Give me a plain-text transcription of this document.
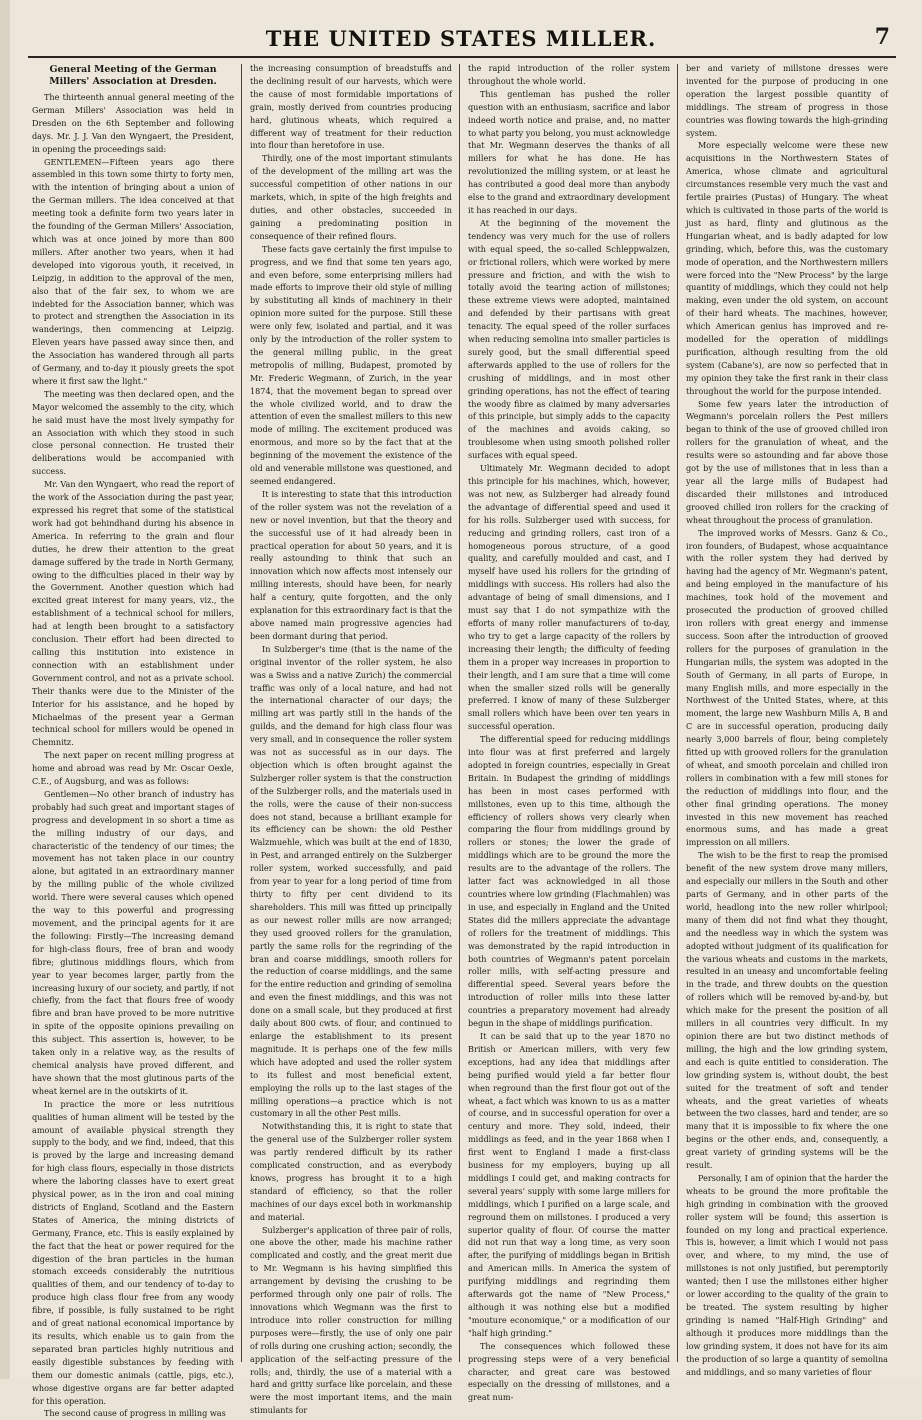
THE UNITED STATES MILLER.	7
General Meeting of the German Millers' Association at Dresden.

The thirteenth annual general meeting of the German Millers' Association was held in Dresden on the 6th September and following days. Mr. J. J. Van den Wyngaert, the President, in opening the proceedings said:

GENTLEMEN—Fifteen years ago there assembled in this town some thirty to forty men, with the intention of bringing about a union of the German millers. The idea conceived at that meeting took a definite form two years later in the founding of the German Millers' Association, which was at once joined by more than 800 millers. After another two years, when it had developed into vigorous youth, it received, in Leipzig, in addition to the approval of the men, also that of the fair sex, to whom we are indebted for the Association banner, which was to protect and strengthen the Association in its wanderings, then commencing at Leipzig. Eleven years have passed away since then, and the Association has wandered through all parts of Germany, and to-day it piously greets the spot where it first saw the light."

The meeting was then declared open, and the Mayor welcomed the assembly to the city, which he said must have the most lively sympathy for an Association with which they stood in such close personal connection. He trusted their deliberations would be accompanied with success.

Mr. Van den Wyngaert, who read the report of the work of the Association during the past year, expressed his regret that some of the statistical work had got behindhand during his absence in America. In referring to the grain and flour duties, he drew their attention to the great damage suffered by the trade in North Germany, owing to the difficulties placed in their way by the Government. Another question which had excited great interest for many years, viz., the establishment of a technical school for millers, had at length been brought to a satisfactory conclusion. Their effort had been directed to calling this institution into existence in connection with an establishment under Government control, and not as a private school. Their thanks were due to the Minister of the Interior for his assistance, and he hoped by Michaelmas of the present year a German technical school for millers would be opened in Chemnitz.

The next paper on recent milling progress at home and abroad was read by Mr. Oscar Oexle, C.E., of Augsburg, and was as follows:

Gentlemen—No other branch of industry has probably had such great and important stages of progress and development in so short a time as the milling industry of our days, and characteristic of the tendency of our times; the movement has not taken place in our country alone, but agitated in an extraordinary manner by the milling public of the whole civilized world. There were several causes which opened the way to this powerful and progressing movement, and the principal agents for it are the following: Firstly—The increasing demand for high-class flours, free of bran and woody fibre; glutinous middlings flours, which from year to year becomes larger, partly from the increasing luxury of our society, and partly, if not chiefly, from the fact that flours free of woody fibre and bran have proved to be more nutritive in spite of the opposite opinions prevailing on this subject. This assertion is, however, to be taken only in a relative way, as the results of chemical analysis have proved different, and have shown that the most glutinous parts of the wheat kernel are in the outskirts of it.

In practice the more or less nutritious qualities of human aliment will be tested by the amount of available physical strength they supply to the body, and we find, indeed, that this is proved by the large and increasing demand for high class flours, especially in those districts where the laboring classes have to exert great physical power, as in the iron and coal mining districts of England, Scotland and the Eastern States of America, the mining districts of Germany, France, etc. This is easily explained by the fact that the heat or power required for the digestion of the bran particles in the human stomach exceeds considerably the nutritious qualities of them, and our tendency of to-day to produce high class flour free from any woody fibre, if possible, is fully sustained to be right and of great national economical importance by its results, which enable us to gain from the separated bran particles highly nutritious and easily digestible substances by feeding with them our domestic animals (cattle, pigs, etc.), whose digestive organs are far better adapted for this operation.

The second cause of progress in milling was

the increasing consumption of breadstuffs and the declining result of our harvests, which were the cause of most formidable importations of grain, mostly derived from countries producing hard, glutinous wheats, which required a different way of treatment for their reduction into flour than heretofore in use.

Thirdly, one of the most important stimulants of the development of the milling art was the successful competition of other nations in our markets, which, in spite of the high freights and duties, and other obstacles, succeeded in gaining a predominating position in consequence of their refined flours.

These facts gave certainly the first impulse to progress, and we find that some ten years ago, and even before, some enterprising millers had made efforts to improve their old style of milling by substituting all kinds of machinery in their opinion more suited for the purpose. Still these were only few, isolated and partial, and it was only by the introduction of the roller system to the general milling public, in the great metropolis of milling, Budapest, promoted by Mr. Frederic Wegmann, of Zurich, in the year 1874, that the movement began to spread over the whole civilized world, and to draw the attention of even the smallest millers to this new mode of milling. The excitement produced was enormous, and more so by the fact that at the beginning of the movement the existence of the old and venerable millstone was questioned, and seemed endangered.

It is interesting to state that this introduction of the roller system was not the revelation of a new or novel invention, but that the theory and the successful use of it had already been in practical operation for about 50 years, and it is really astounding to think that such an innovation which now affects most intensely our milling interests, should have been, for nearly half a century, quite forgotten, and the only explanation for this extraordinary fact is that the above named main progressive agencies had been dormant during that period.

In Sulzberger's time (that is the name of the original inventor of the roller system, he also was a Swiss and a native Zurich) the commercial traffic was only of a local nature, and had not the international character of our days; the milling art was partly still in the hands of the guilds, and the demand for high class flour was very small, and in consequence the roller system was not as successful as in our days. The objection which is often brought against the Sulzberger roller system is that the construction of the Sulzberger rolls, and the materials used in the rolls, were the cause of their non-success does not stand, because a brilliant example for its efficiency can be shown: the old Pesther Walzmuehle, which was built at the end of 1830, in Pest, and arranged entirely on the Sulzberger roller system, worked successfully, and paid from year to year for a long period of time from thirty to fifty per cent dividend to its shareholders. This mill was fitted up principally as our newest roller mills are now arranged; they used grooved rollers for the granulation, partly the same rolls for the regrinding of the bran and coarse middlings, smooth rollers for the reduction of coarse middlings, and the same for the entire reduction and grinding of semolina and even the finest middlings, and this was not done on a small scale, but they produced at first daily about 800 cwts. of flour, and continued to enlarge the establishment to its present magnitude. It is perhaps one of the few mills which have adopted and used the roller system to its fullest and most beneficial extent, employing the rolls up to the last stages of the milling operations—a practice which is not customary in all the other Pest mills.

Notwithstanding this, it is right to state that the general use of the Sulzberger roller system was partly rendered difficult by its rather complicated construction, and as everybody knows, progress has brought it to a high standard of efficiency, so that the roller machines of our days excel both in workmanship and material.

Sulzberger's application of three pair of rolls, one above the other, made his machine rather complicated and costly, and the great merit due to Mr. Wegmann is his having simplified this arrangement by devising the crushing to be performed through only one pair of rolls. The innovations which Wegmann was the first to introduce into roller construction for milling purposes were—firstly, the use of only one pair of rolls during one crushing action; secondly, the application of the self-acting pressure of the rolls; and, thirdly, the use of a material with a hard and gritty surface like porcelain, and these were the most important items, and the main stimulants for

the rapid introduction of the roller system throughout the whole world.

This gentleman has pushed the roller question with an enthusiasm, sacrifice and labor indeed worth notice and praise, and, no matter to what party you belong, you must acknowledge that Mr. Wegmann deserves the thanks of all millers for what he has done. He has revolutionized the milling system, or at least he has contributed a good deal more than anybody else to the grand and extraordinary development it has reached in our days.

At the beginning of the movement the tendency was very much for the use of rollers with equal speed, the so-called Schleppwalzen, or frictional rollers, which were worked by mere pressure and friction, and with the wish to totally avoid the tearing action of millstones; these extreme views were adopted, maintained and defended by their partisans with great tenacity. The equal speed of the roller surfaces when reducing semolina into smaller particles is surely good, but the small differential speed afterwards applied to the use of rollers for the crushing of middlings, and in most other grinding operations, has not the effect of tearing the woody fibre as claimed by many adversaries of this principle, but simply adds to the capacity of the machines and avoids caking, so troublesome when using smooth polished roller surfaces with equal speed.

Ultimately Mr. Wegmann decided to adopt this principle for his machines, which, however, was not new, as Sulzberger had already found the advantage of differential speed and used it for his rolls. Sulzberger used with success, for reducing and grinding rollers, cast iron of a homogeneous porous structure, of a good quality, and carefully moulded and cast, and I myself have used his rollers for the grinding of middlings with success. His rollers had also the advantage of being of small dimensions, and I must say that I do not sympathize with the efforts of many roller manufacturers of to-day, who try to get a large capacity of the rollers by increasing their length; the difficulty of feeding them in a proper way increases in proportion to their length, and I am sure that a time will come when the smaller sized rolls will be generally preferred. I know of many of these Sulzberger small rollers which have been over ten years in successful operation.

The differential speed for reducing middlings into flour was at first preferred and largely adopted in foreign countries, especially in Great Britain. In Budapest the grinding of middlings has been in most cases performed with millstones, even up to this time, although the efficiency of rollers shows very clearly when comparing the flour from middlings ground by rollers or stones; the lower the grade of middlings which are to be ground the more the results are to the advantage of the rollers. The latter fact was acknowledged in all those countries where low grinding (Flachmahlen) was in use, and especially in England and the United States did the millers appreciate the advantage of rollers for the treatment of middlings. This was demonstrated by the rapid introduction in both countries of Wegmann's patent porcelain roller mills, with self-acting pressure and differential speed. Several years before the introduction of roller mills into these latter countries a preparatory movement had already begun in the shape of middlings purification.

It can be said that up to the year 1870 no British or American millers, with very few exceptions, had any idea that middlings after being purified would yield a far better flour when reground than the first flour got out of the wheat, a fact which was known to us as a matter of course, and in successful operation for over a century and more. They sold, indeed, their middlings as feed, and in the year 1868 when I first went to England I made a first-class business for my employers, buying up all middlings I could get, and making contracts for several years' supply with some large millers for middlings, which I purified on a large scale, and reground them on millstones. I produced a very superior quality of flour. Of course the matter did not run that way a long time, as very soon after, the purifying of middlings began in British and American mills. In America the system of purifying middlings and regrinding them afterwards got the name of "New Process," although it was nothing else but a modified "mouture economique," or a modification of our "half high grinding."

The consequences which followed these progressing steps were of a very beneficial character, and great care was bestowed especially on the dressing of millstones, and a great num-

ber and variety of millstone dresses were invented for the purpose of producing in one operation the largest possible quantity of middlings. The stream of progress in those countries was flowing towards the high-grinding system.

More especially welcome were these new acquisitions in the Northwestern States of America, whose climate and agricultural circumstances resemble very much the vast and fertile prairies (Pustas) of Hungary. The wheat which is cultivated in those parts of the world is just as hard, flinty and glutinous as the Hungarian wheat, and is badly adapted for low grinding, which, before this, was the customary mode of operation, and the Northwestern millers were forced into the "New Process" by the large quantity of middlings, which they could not help making, even under the old system, on account of their hard wheats. The machines, however, which American genius has improved and re-modelled for the operation of middlings purification, although resulting from the old system (Cabane's), are now so perfected that in my opinion they take the first rank in their class throughout the world for the purpose intended.

Some few years later the introduction of Wegmann's porcelain rollers the Pest millers began to think of the use of grooved chilled iron rollers for the granulation of wheat, and the results were so astounding and far above those got by the use of millstones that in less than a year all the large mills of Budapest had discarded their millstones and introduced grooved chilled iron rollers for the cracking of wheat throughout the process of granulation.

The improved works of Messrs. Ganz & Co., iron founders, of Budapest, whose acquaintance with the roller system they had derived by having had the agency of Mr. Wegmann's patent, and being employed in the manufacture of his machines, took hold of the movement and prosecuted the production of grooved chilled iron rollers with great energy and immense success. Soon after the introduction of grooved rollers for the purposes of granulation in the Hungarian mills, the system was adopted in the South of Germany, in all parts of Europe, in many English mills, and more especially in the Northwest of the United States, where, at this moment, the large new Washburn Mills A, B and C are in successful operation, producing daily nearly 3,000 barrels of flour, being completely fitted up with grooved rollers for the granulation of wheat, and smooth porcelain and chilled iron rollers in combination with a few mill stones for the reduction of middlings into flour, and the other final grinding operations. The money invested in this new movement has reached enormous sums, and has made a great impression on all millers.

The wish to be the first to reap the promised benefit of the new system drove many millers, and especially our millers in the South and other parts of Germany, and in other parts of the world, headlong into the new roller whirlpool; many of them did not find what they thought, and the needless way in which the system was adopted without judgment of its qualification for the various wheats and customs in the markets, resulted in an uneasy and uncomfortable feeling in the trade, and threw doubts on the question of rollers which will be removed by-and-by, but which make for the present the position of all millers in all countries very difficult. In my opinion there are but two distinct methods of milling, the high and the low grinding system, and each is quite entitled to consideration. The low grinding system is, without doubt, the best suited for the treatment of soft and tender wheats, and the great varieties of wheats between the two classes, hard and tender, are so many that it is impossible to fix where the one begins or the other ends, and, consequently, a great variety of grinding systems will be the result.

Personally, I am of opinion that the harder the wheats to be ground the more profitable the high grinding in combination with the grooved roller system will be found; this assertion is founded on my long and practical experience. This is, however, a limit which I would not pass over, and where, to my mind, the use of millstones is not only justified, but peremptorily wanted; then I use the millstones either higher or lower according to the quality of the grain to be treated. The system resulting by higher grinding is named "Half-High Grinding" and although it produces more middlings than the low grinding system, it does not have for its aim the production of so large a quantity of semolina and middlings, and so many varieties of flour
